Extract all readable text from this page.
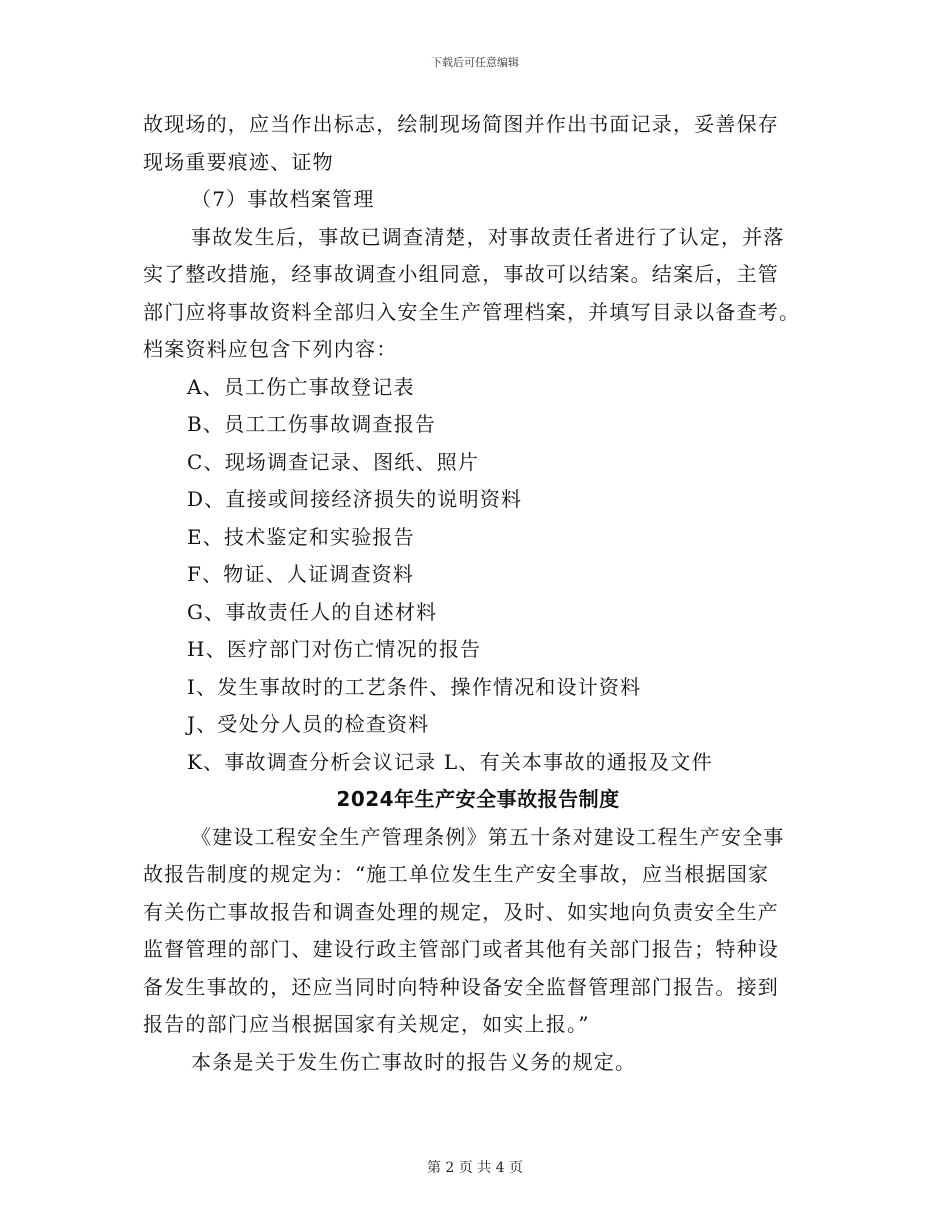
下载后可任意编辑
故现场的，应当作出标志，绘制现场简图并作出书面记录，妥善保存
现场重要痕迹、证物
（7）事故档案管理
事故发生后，事故已调查清楚，对事故责任者进行了认定，并落
实了整改措施，经事故调查小组同意，事故可以结案。结案后，主管
部门应将事故资料全部归入安全生产管理档案，并填写目录以备查考。
档案资料应包含下列内容：
A、员工伤亡事故登记表
B、员工工伤事故调查报告
C、现场调查记录、图纸、照片
D、直接或间接经济损失的说明资料
E、技术鉴定和实验报告
F、物证、人证调查资料
G、事故责任人的自述材料
H、医疗部门对伤亡情况的报告
I、发生事故时的工艺条件、操作情况和设计资料
J、受处分人员的检查资料
K、事故调查分析会议记录 L、有关本事故的通报及文件
2024年生产安全事故报告制度
《建设工程安全生产管理条例》第五十条对建设工程生产安全事
故报告制度的规定为：“施工单位发生生产安全事故，应当根据国家
有关伤亡事故报告和调查处理的规定，及时、如实地向负责安全生产
监督管理的部门、建设行政主管部门或者其他有关部门报告；特种设
备发生事故的，还应当同时向特种设备安全监督管理部门报告。接到
报告的部门应当根据国家有关规定，如实上报。”
本条是关于发生伤亡事故时的报告义务的规定。
第 2 页 共 4 页
